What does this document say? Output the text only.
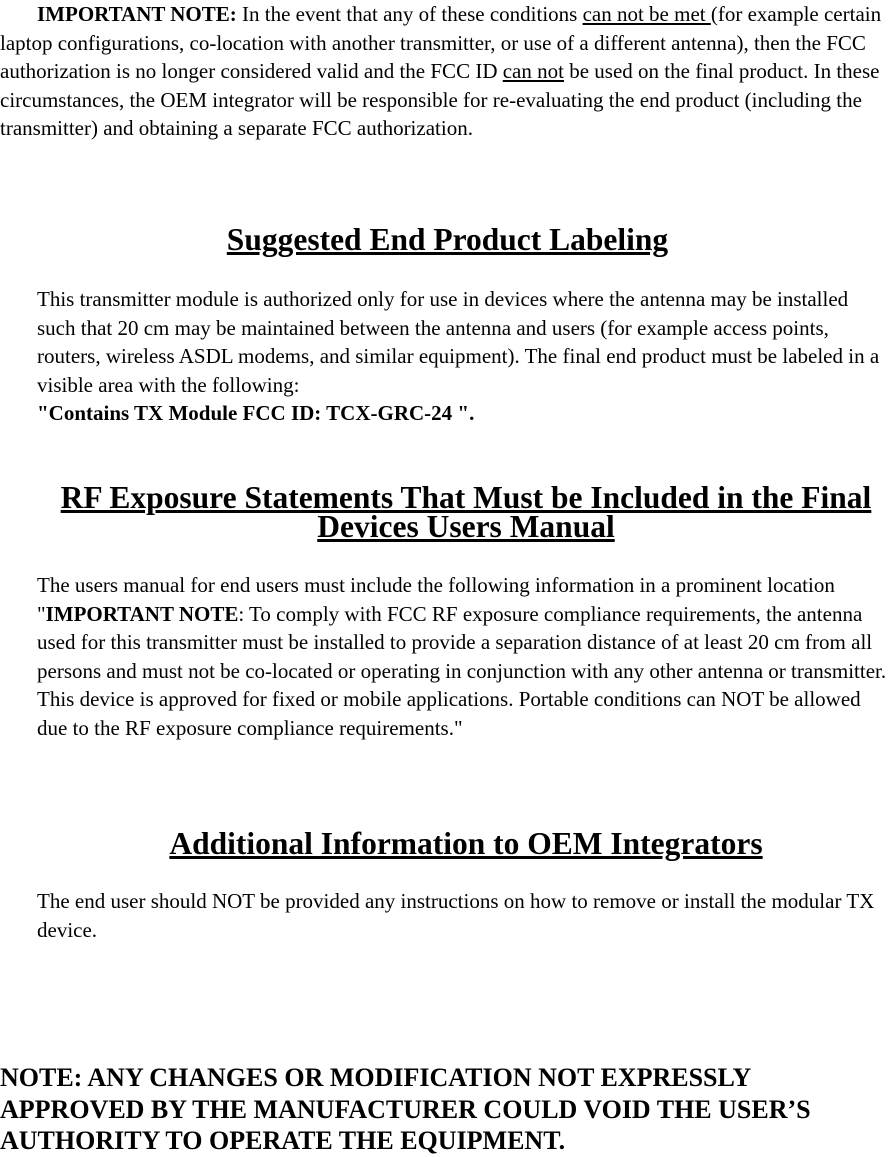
IMPORTANT NOTE: In the event that any of these conditions can not be met (for example certain laptop configurations, co-location with another transmitter, or use of a different antenna), then the FCC authorization is no longer considered valid and the FCC ID can not be used on the final product. In these circumstances, the OEM integrator will be responsible for re-evaluating the end product (including the transmitter) and obtaining a separate FCC authorization.

Suggested End Product Labeling

This transmitter module is authorized only for use in devices where the antenna may be installed such that 20 cm may be maintained between the antenna and users (for example access points, routers, wireless ASDL modems, and similar equipment). The final end product must be labeled in a visible area with the following:
"Contains TX Module FCC ID: TCX-GRC-24 ".

RF Exposure Statements That Must be Included in the Final Devices Users Manual

The users manual for end users must include the following information in a prominent location "IMPORTANT NOTE: To comply with FCC RF exposure compliance requirements, the antenna used for this transmitter must be installed to provide a separation distance of at least 20 cm from all persons and must not be co-located or operating in conjunction with any other antenna or transmitter. This device is approved for fixed or mobile applications. Portable conditions can NOT be allowed due to the RF exposure compliance requirements."

Additional Information to OEM Integrators

The end user should NOT be provided any instructions on how to remove or install the modular TX device.

NOTE: ANY CHANGES OR MODIFICATION NOT EXPRESSLY APPROVED BY THE MANUFACTURER COULD VOID THE USER’S AUTHORITY TO OPERATE THE EQUIPMENT.
